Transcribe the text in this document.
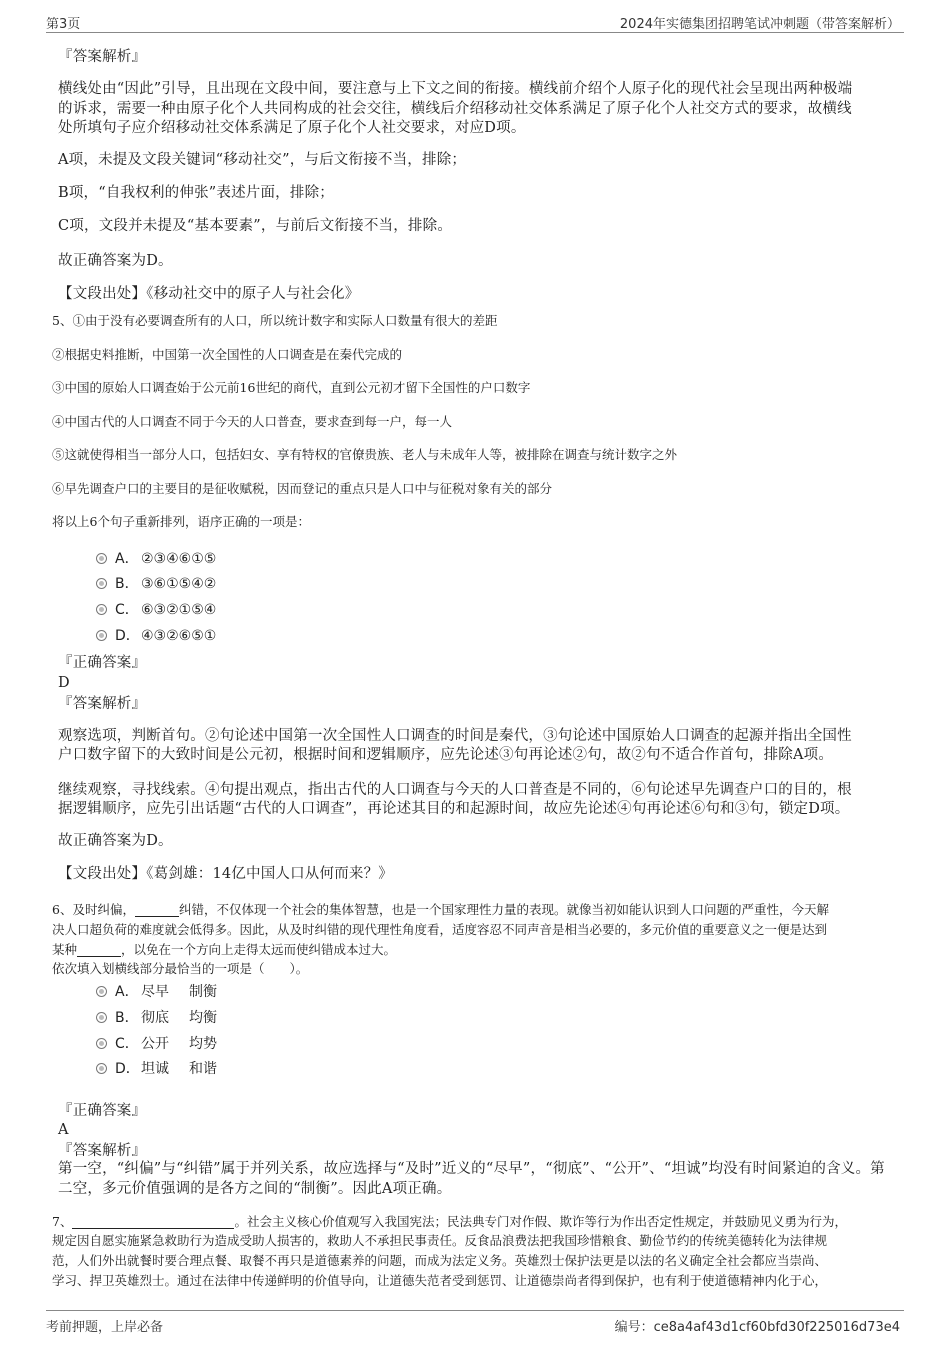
第3页	2024年实德集团招聘笔试冲刺题（带答案解析）
『答案解析』
横线处由“因此”引导，且出现在文段中间，要注意与上下文之间的衔接。横线前介绍个人原子化的现代社会呈现出两种极端
的诉求，需要一种由原子化个人共同构成的社会交往，横线后介绍移动社交体系满足了原子化个人社交方式的要求，故横线
处所填句子应介绍移动社交体系满足了原子化个人社交要求，对应D项。
A项，未提及文段关键词“移动社交”，与后文衔接不当，排除；
B项，“自我权利的伸张”表述片面，排除；
C项，文段并未提及“基本要素”，与前后文衔接不当，排除。
故正确答案为D。
【文段出处】《移动社交中的原子人与社会化》
5、①由于没有必要调查所有的人口，所以统计数字和实际人口数量有很大的差距
②根据史料推断，中国第一次全国性的人口调查是在秦代完成的
③中国的原始人口调查始于公元前16世纪的商代，直到公元初才留下全国性的户口数字
④中国古代的人口调查不同于今天的人口普查，要求查到每一户，每一人
⑤这就使得相当一部分人口，包括妇女、享有特权的官僚贵族、老人与未成年人等，被排除在调查与统计数字之外
⑥早先调查户口的主要目的是征收赋税，因而登记的重点只是人口中与征税对象有关的部分
将以上6个句子重新排列，语序正确的一项是：
A． ②③④⑥①⑤
B． ③⑥①⑤④②
C． ⑥③②①⑤④
D．④③②⑥⑤①
『正确答案』
D
『答案解析』
观察选项，判断首句。②句论述中国第一次全国性人口调查的时间是秦代，③句论述中国原始人口调查的起源并指出全国性
户口数字留下的大致时间是公元初，根据时间和逻辑顺序，应先论述③句再论述②句，故②句不适合作首句，排除A项。
继续观察，寻找线索。④句提出观点，指出古代的人口调查与今天的人口普查是不同的，⑥句论述早先调查户口的目的，根
据逻辑顺序，应先引出话题“古代的人口调查”，再论述其目的和起源时间，故应先论述④句再论述⑥句和③句，锁定D项。
故正确答案为D。
【文段出处】《葛剑雄：14亿中国人口从何而来？》
6、及时纠偏，	纠错，不仅体现一个社会的集体智慧，也是一个国家理性力量的表现。就像当初如能认识到人口问题的严重性，今天解
决人口超负荷的难度就会低得多。因此，从及时纠错的现代理性角度看，适度容忍不同声音是相当必要的，多元价值的重要意义之一便是达到
某种	，以免在一个方向上走得太远而使纠错成本过大。
依次填入划横线部分最恰当的一项是（　　）。
A． 尽早 制衡
B． 彻底 均衡
C． 公开 均势
D．坦诚 和谐
『正确答案』
A
『答案解析』
第一空，“纠偏”与“纠错”属于并列关系，故应选择与“及时”近义的“尽早”，“彻底”、“公开”、“坦诚”均没有时间紧迫的含义。第
二空，多元价值强调的是各方之间的“制衡”。因此A项正确。
7、	。社会主义核心价值观写入我国宪法；民法典专门对作假、欺诈等行为作出否定性规定，并鼓励见义勇为行为，
规定因自愿实施紧急救助行为造成受助人损害的，救助人不承担民事责任。反食品浪费法把我国珍惜粮食、勤俭节约的传统美德转化为法律规
范，人们外出就餐时要合理点餐、取餐不再只是道德素养的问题，而成为法定义务。英雄烈士保护法更是以法的名义确定全社会都应当崇尚、
学习、捍卫英雄烈士。通过在法律中传递鲜明的价值导向，让道德失范者受到惩罚、让道德崇尚者得到保护，也有利于使道德精神内化于心，
考前押题，上岸必备	编号：ce8a4af43d1cf60bfd30f225016d73e4
